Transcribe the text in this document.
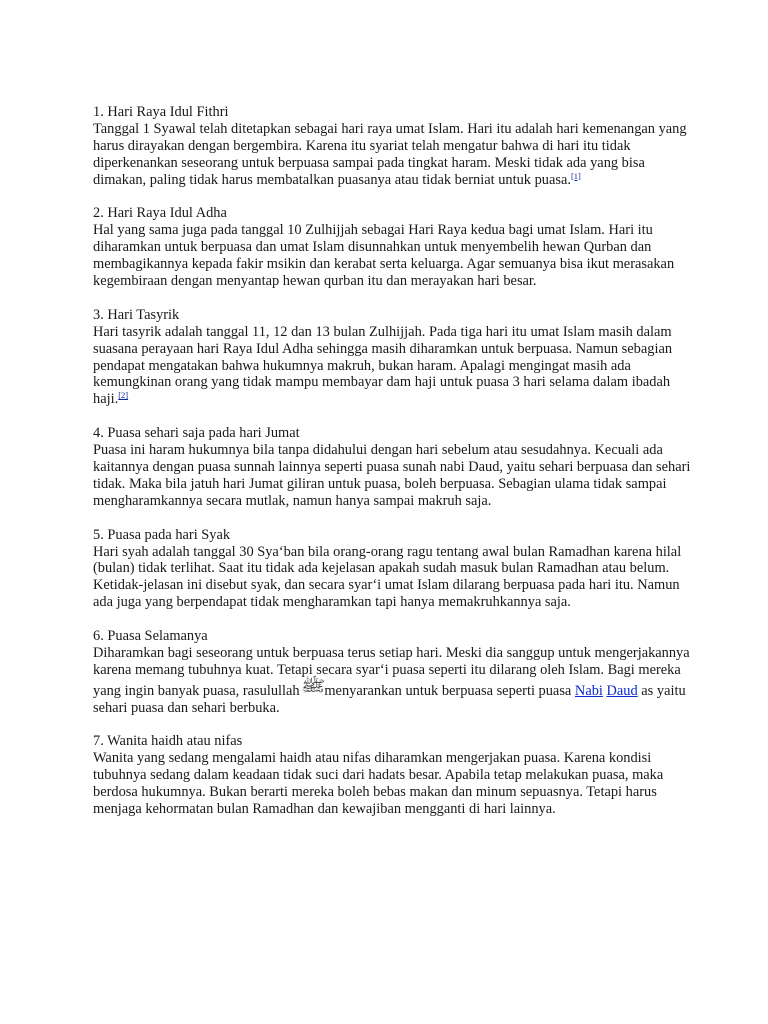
1. Hari Raya Idul Fithri
Tanggal 1 Syawal telah ditetapkan sebagai hari raya umat Islam. Hari itu adalah hari kemenangan yang harus dirayakan dengan bergembira. Karena itu syariat telah mengatur bahwa di hari itu tidak diperkenankan seseorang untuk berpuasa sampai pada tingkat haram. Meski tidak ada yang bisa dimakan, paling tidak harus membatalkan puasanya atau tidak berniat untuk puasa.[1]
2. Hari Raya Idul Adha
Hal yang sama juga pada tanggal 10 Zulhijjah sebagai Hari Raya kedua bagi umat Islam. Hari itu diharamkan untuk berpuasa dan umat Islam disunnahkan untuk menyembelih hewan Qurban dan membagikannya kepada fakir msikin dan kerabat serta keluarga. Agar semuanya bisa ikut merasakan kegembiraan dengan menyantap hewan qurban itu dan merayakan hari besar.
3. Hari Tasyrik
Hari tasyrik adalah tanggal 11, 12 dan 13 bulan Zulhijjah. Pada tiga hari itu umat Islam masih dalam suasana perayaan hari Raya Idul Adha sehingga masih diharamkan untuk berpuasa. Namun sebagian pendapat mengatakan bahwa hukumnya makruh, bukan haram. Apalagi mengingat masih ada kemungkinan orang yang tidak mampu membayar dam haji untuk puasa 3 hari selama dalam ibadah haji.[2]
4. Puasa sehari saja pada hari Jumat
Puasa ini haram hukumnya bila tanpa didahului dengan hari sebelum atau sesudahnya. Kecuali ada kaitannya dengan puasa sunnah lainnya seperti puasa sunah nabi Daud, yaitu sehari berpuasa dan sehari tidak. Maka bila jatuh hari Jumat giliran untuk puasa, boleh berpuasa. Sebagian ulama tidak sampai mengharamkannya secara mutlak, namun hanya sampai makruh saja.
5. Puasa pada hari Syak
Hari syah adalah tanggal 30 Sya‘ban bila orang-orang ragu tentang awal bulan Ramadhan karena hilal (bulan) tidak terlihat. Saat itu tidak ada kejelasan apakah sudah masuk bulan Ramadhan atau belum. Ketidak-jelasan ini disebut syak, dan secara syar‘i umat Islam dilarang berpuasa pada hari itu. Namun ada juga yang berpendapat tidak mengharamkan tapi hanya memakruhkannya saja.
6. Puasa Selamanya
Diharamkan bagi seseorang untuk berpuasa terus setiap hari. Meski dia sanggup untuk mengerjakannya karena memang tubuhnya kuat. Tetapi secara syar‘i puasa seperti itu dilarang oleh Islam. Bagi mereka yang ingin banyak puasa, rasulullah ﷺmenyarankan untuk berpuasa seperti puasa Nabi Daud as yaitu sehari puasa dan sehari berbuka.
7. Wanita haidh atau nifas
Wanita yang sedang mengalami haidh atau nifas diharamkan mengerjakan puasa. Karena kondisi tubuhnya sedang dalam keadaan tidak suci dari hadats besar. Apabila tetap melakukan puasa, maka berdosa hukumnya. Bukan berarti mereka boleh bebas makan dan minum sepuasnya. Tetapi harus menjaga kehormatan bulan Ramadhan dan kewajiban mengganti di hari lainnya.
